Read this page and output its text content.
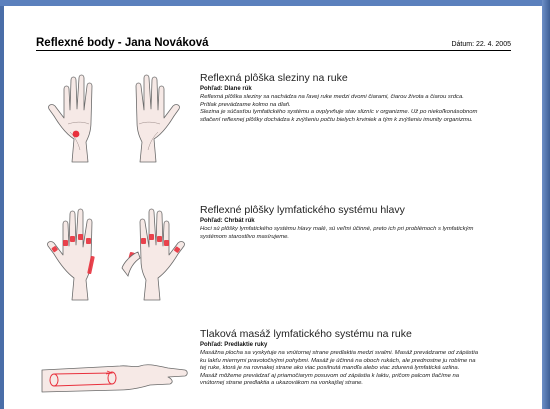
Reflexné body - Jana Nováková	Dátum: 22. 4. 2005
Reflexná plôška sleziny na ruke
Pohľad: Dlane rúk

Reflexná plôška sleziny sa nachádza na ľavej ruke medzi dvomi čiarami, čiarou života a čiarou srdca. Prítlak prevádzame kolmo na dlaň.

Slezina je súčasťou lymfatického systému a ovplyvňuje stav slizníc v organizme. Už po niekoľkonásobnom stlačení reflexnej plôšky dochádza k zvýšeniu počtu bielych krviniek a tým k zvýšeniu imunity organizmu.

Reflexné plôšky lymfatického systému hlavy
Pohľad: Chrbát rúk

Hoci sú plôšky lymfatického systému hlavy malé, sú veľmi účinné, preto ich pri problémoch s lymfatickým systémom starostlivo masírujeme.

Tlaková masáž lymfatického systému na ruke
Pohľad: Predlaktie ruky

Masážna plocha sa vyskytuje na vnútornej strane predlaktia medzi svalmi. Masáž prevádzame od zápästia ku lakťu miernymi pravotočivými pohybmi. Masáž je účinná na oboch rukách, ale prednostne ju robíme na tej ruke, ktorá je na rovnakej strane ako viac posilnutá mandľa alebo viac zdurená lymfatická uzlina.

Masáž môžeme prevádzať aj priamočiarym posuvom od zápästia k laktu, pričom palcom tlačíme na vnútornej strane predlaktia a ukazovákom na vonkajšej strane.
